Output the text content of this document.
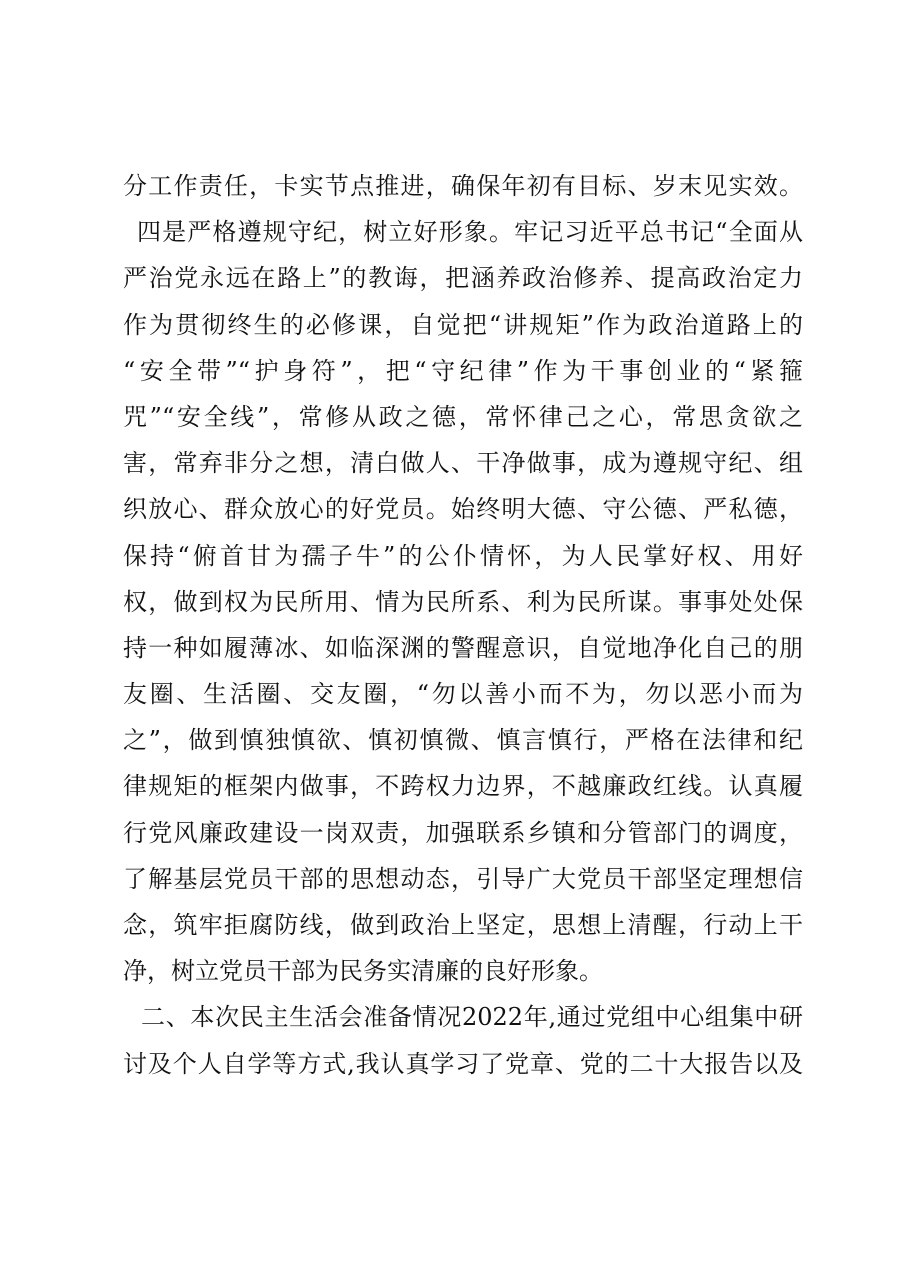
分工作责任，卡实节点推进，确保年初有目标、岁末见实效。
四是严格遵规守纪，树立好形象。牢记习近平总书记“全面从
严治党永远在路上”的教诲，把涵养政治修养、提高政治定力
作为贯彻终生的必修课，自觉把“讲规矩”作为政治道路上的
“安全带”“护身符”，把“守纪律”作为干事创业的“紧箍
咒”“安全线”，常修从政之德，常怀律己之心，常思贪欲之
害，常弃非分之想，清白做人、干净做事，成为遵规守纪、组
织放心、群众放心的好党员。始终明大德、守公德、严私德，
保持“俯首甘为孺子牛”的公仆情怀，为人民掌好权、用好
权，做到权为民所用、情为民所系、利为民所谋。事事处处保
持一种如履薄冰、如临深渊的警醒意识，自觉地净化自己的朋
友圈、生活圈、交友圈，“勿以善小而不为，勿以恶小而为
之”，做到慎独慎欲、慎初慎微、慎言慎行，严格在法律和纪
律规矩的框架内做事，不跨权力边界，不越廉政红线。认真履
行党风廉政建设一岗双责，加强联系乡镇和分管部门的调度，
了解基层党员干部的思想动态，引导广大党员干部坚定理想信
念，筑牢拒腐防线，做到政治上坚定，思想上清醒，行动上干
净，树立党员干部为民务实清廉的良好形象。
二、本次民主生活会准备情况2022年,通过党组中心组集中研
讨及个人自学等方式,我认真学习了党章、党的二十大报告以及
